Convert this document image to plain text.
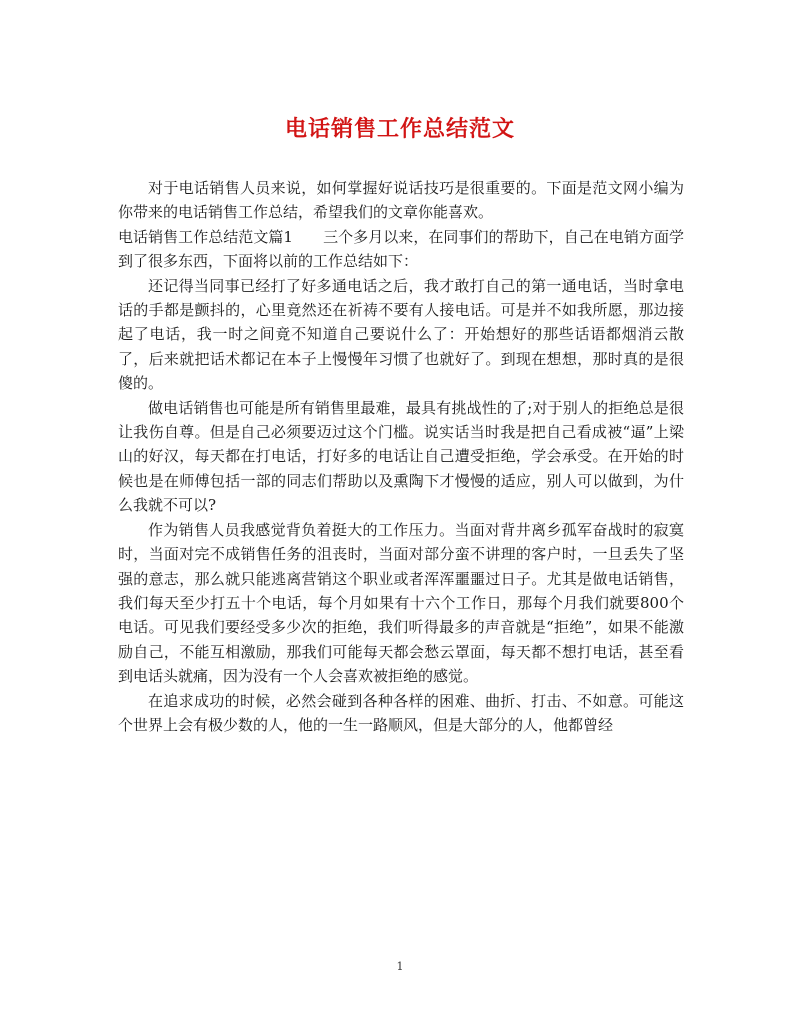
电话销售工作总结范文

对于电话销售人员来说，如何掌握好说话技巧是很重要的。下面是范文网小编为你带来的电话销售工作总结，希望我们的文章你能喜欢。

电话销售工作总结范文篇1　　三个多月以来，在同事们的帮助下，自己在电销方面学到了很多东西，下面将以前的工作总结如下：

还记得当同事已经打了好多通电话之后，我才敢打自己的第一通电话，当时拿电话的手都是颤抖的，心里竟然还在祈祷不要有人接电话。可是并不如我所愿，那边接起了电话，我一时之间竟不知道自己要说什么了：开始想好的那些话语都烟消云散了，后来就把话术都记在本子上慢慢年习惯了也就好了。到现在想想，那时真的是很傻的。

做电话销售也可能是所有销售里最难，最具有挑战性的了;对于别人的拒绝总是很让我伤自尊。但是自己必须要迈过这个门槛。说实话当时我是把自己看成被“逼”上梁山的好汉，每天都在打电话，打好多的电话让自己遭受拒绝，学会承受。在开始的时候也是在师傅包括一部的同志们帮助以及熏陶下才慢慢的适应，别人可以做到，为什么我就不可以?

作为销售人员我感觉背负着挺大的工作压力。当面对背井离乡孤军奋战时的寂寞时，当面对完不成销售任务的沮丧时，当面对部分蛮不讲理的客户时，一旦丢失了坚强的意志，那么就只能逃离营销这个职业或者浑浑噩噩过日子。尤其是做电话销售，我们每天至少打五十个电话，每个月如果有十六个工作日，那每个月我们就要800个电话。可见我们要经受多少次的拒绝，我们听得最多的声音就是“拒绝”，如果不能激励自己，不能互相激励，那我们可能每天都会愁云罩面，每天都不想打电话，甚至看到电话头就痛，因为没有一个人会喜欢被拒绝的感觉。

在追求成功的时候，必然会碰到各种各样的困难、曲折、打击、不如意。可能这个世界上会有极少数的人，他的一生一路顺风，但是大部分的人，他都曾经

1
